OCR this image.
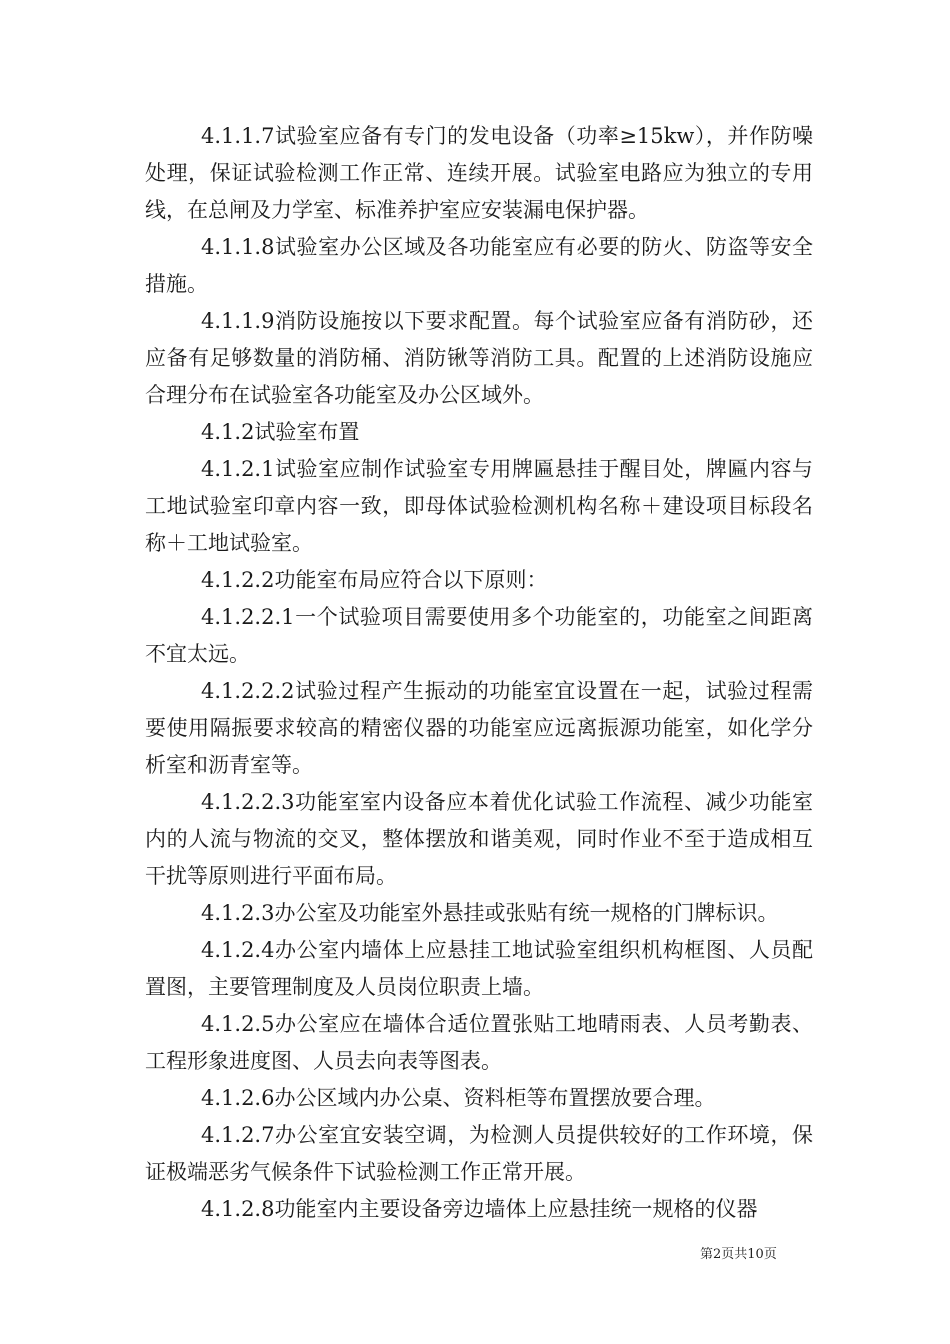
4.1.1.7试验室应备有专门的发电设备（功率≥15kw），并作防噪处理，保证试验检测工作正常、连续开展。试验室电路应为独立的专用线，在总闸及力学室、标准养护室应安装漏电保护器。

4.1.1.8试验室办公区域及各功能室应有必要的防火、防盗等安全措施。

4.1.1.9消防设施按以下要求配置。每个试验室应备有消防砂，还应备有足够数量的消防桶、消防锹等消防工具。配置的上述消防设施应合理分布在试验室各功能室及办公区域外。

4.1.2试验室布置

4.1.2.1试验室应制作试验室专用牌匾悬挂于醒目处，牌匾内容与工地试验室印章内容一致，即母体试验检测机构名称＋建设项目标段名称＋工地试验室。

4.1.2.2功能室布局应符合以下原则：

4.1.2.2.1一个试验项目需要使用多个功能室的，功能室之间距离不宜太远。

4.1.2.2.2试验过程产生振动的功能室宜设置在一起，试验过程需要使用隔振要求较高的精密仪器的功能室应远离振源功能室，如化学分析室和沥青室等。

4.1.2.2.3功能室室内设备应本着优化试验工作流程、减少功能室内的人流与物流的交叉，整体摆放和谐美观，同时作业不至于造成相互干扰等原则进行平面布局。

4.1.2.3办公室及功能室外悬挂或张贴有统一规格的门牌标识。

4.1.2.4办公室内墙体上应悬挂工地试验室组织机构框图、人员配置图，主要管理制度及人员岗位职责上墙。

4.1.2.5办公室应在墙体合适位置张贴工地晴雨表、人员考勤表、工程形象进度图、人员去向表等图表。

4.1.2.6办公区域内办公桌、资料柜等布置摆放要合理。

4.1.2.7办公室宜安装空调，为检测人员提供较好的工作环境，保证极端恶劣气候条件下试验检测工作正常开展。

4.1.2.8功能室内主要设备旁边墙体上应悬挂统一规格的仪器

第2页共10页
